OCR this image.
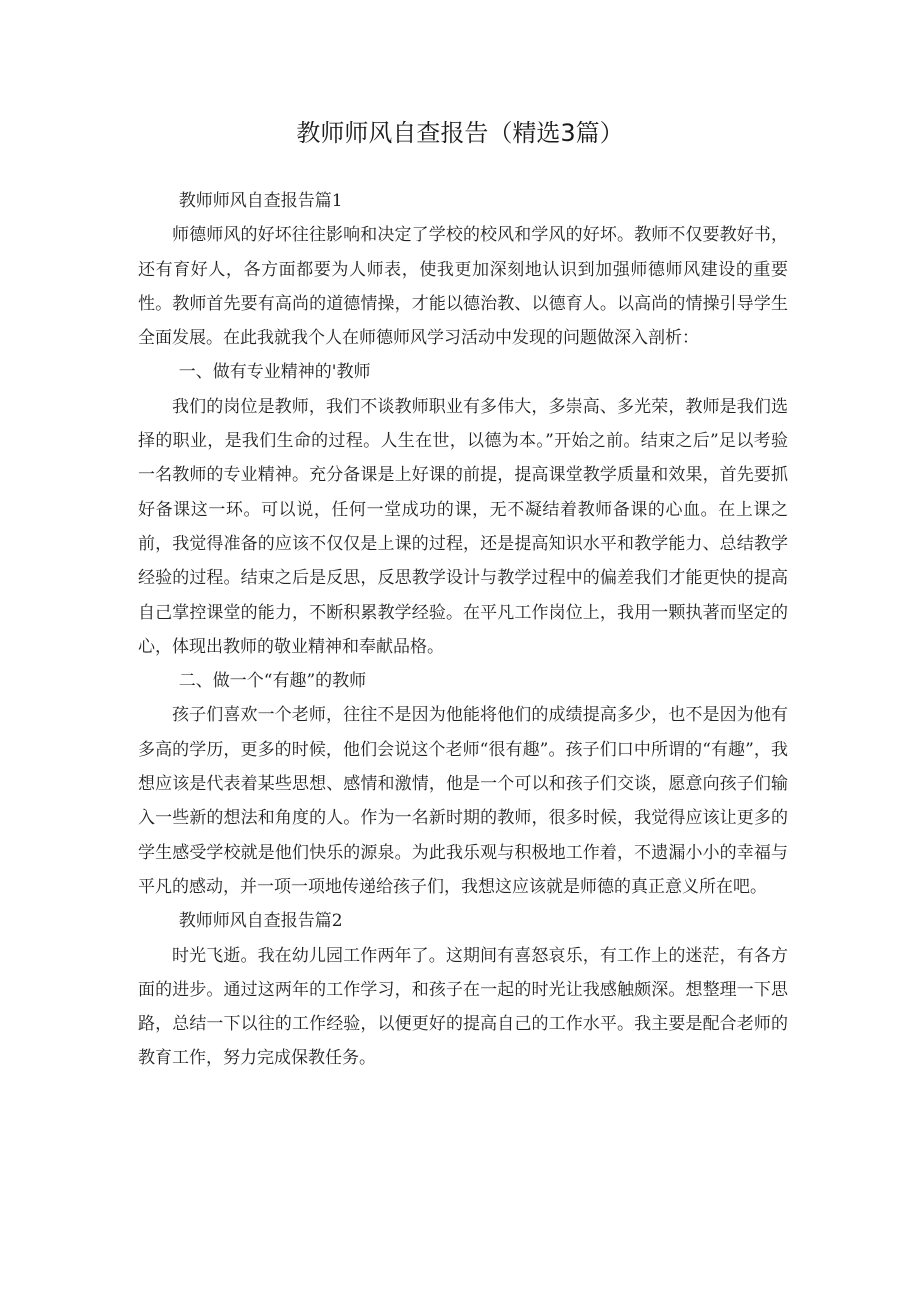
教师师风自查报告（精选3篇）

教师师风自查报告篇1

师德师风的好坏往往影响和决定了学校的校风和学风的好坏。教师不仅要教好书，还有育好人，各方面都要为人师表，使我更加深刻地认识到加强师德师风建设的重要性。教师首先要有高尚的道德情操，才能以德治教、以德育人。以高尚的情操引导学生全面发展。在此我就我个人在师德师风学习活动中发现的问题做深入剖析：

一、做有专业精神的'教师

我们的岗位是教师，我们不谈教师职业有多伟大，多崇高、多光荣，教师是我们选择的职业，是我们生命的过程。人生在世，以德为本。”开始之前。结束之后”足以考验一名教师的专业精神。充分备课是上好课的前提，提高课堂教学质量和效果，首先要抓好备课这一环。可以说，任何一堂成功的课，无不凝结着教师备课的心血。在上课之前，我觉得准备的应该不仅仅是上课的过程，还是提高知识水平和教学能力、总结教学经验的过程。结束之后是反思，反思教学设计与教学过程中的偏差我们才能更快的提高自己掌控课堂的能力，不断积累教学经验。在平凡工作岗位上，我用一颗执著而坚定的心，体现出教师的敬业精神和奉献品格。

二、做一个“有趣”的教师

孩子们喜欢一个老师，往往不是因为他能将他们的成绩提高多少，也不是因为他有多高的学历，更多的时候，他们会说这个老师“很有趣”。孩子们口中所谓的“有趣”，我想应该是代表着某些思想、感情和激情，他是一个可以和孩子们交谈，愿意向孩子们输入一些新的想法和角度的人。作为一名新时期的教师，很多时候，我觉得应该让更多的学生感受学校就是他们快乐的源泉。为此我乐观与积极地工作着，不遗漏小小的幸福与平凡的感动，并一项一项地传递给孩子们，我想这应该就是师德的真正意义所在吧。

教师师风自查报告篇2

时光飞逝。我在幼儿园工作两年了。这期间有喜怒哀乐，有工作上的迷茫，有各方面的进步。通过这两年的工作学习，和孩子在一起的时光让我感触颇深。想整理一下思路，总结一下以往的工作经验，以便更好的提高自己的工作水平。我主要是配合老师的教育工作，努力完成保教任务。
